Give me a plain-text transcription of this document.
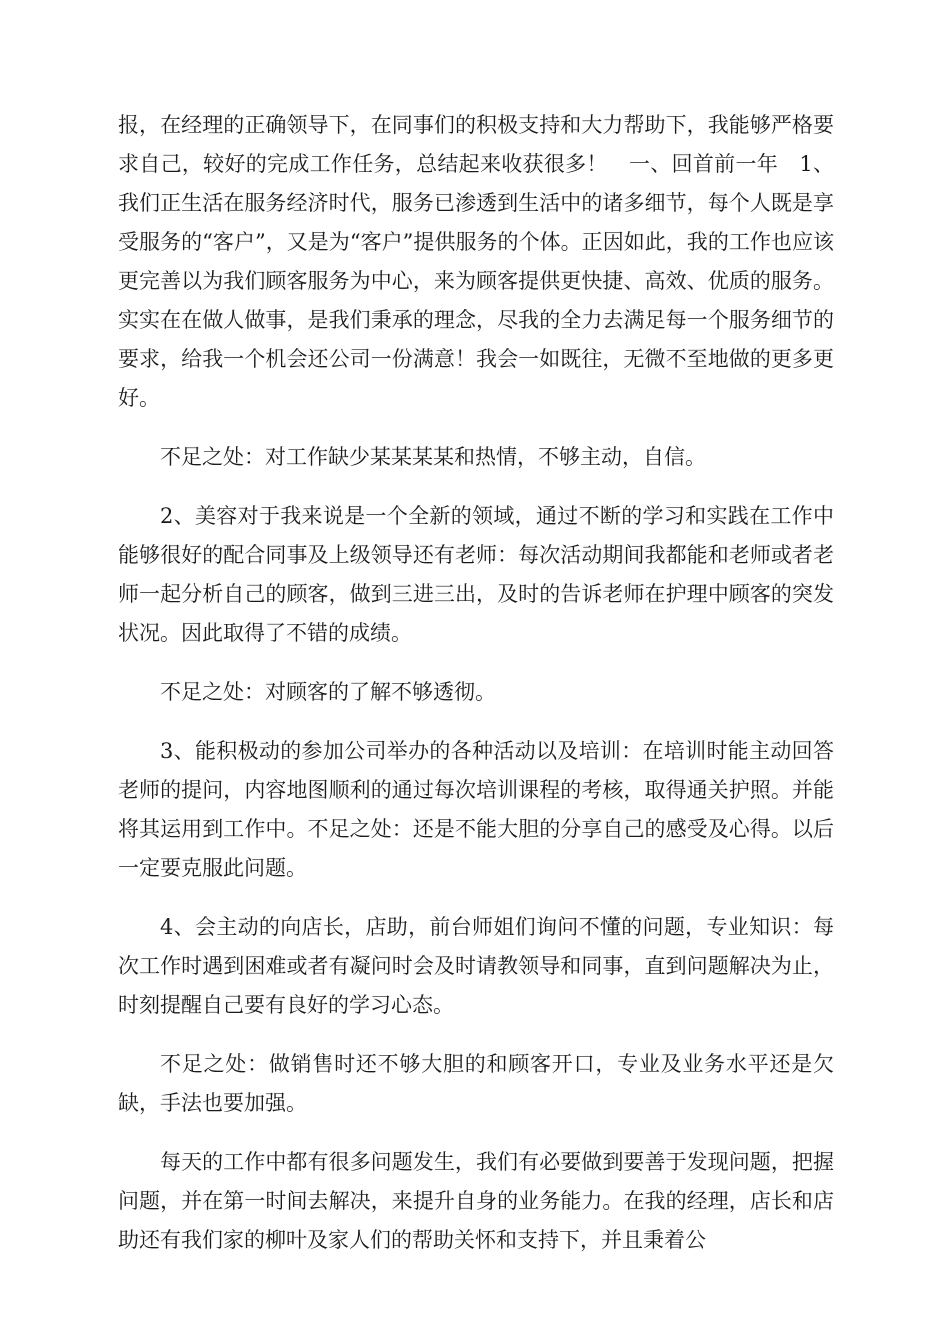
报，在经理的正确领导下，在同事们的积极支持和大力帮助下，我能够严格要求自己，较好的完成工作任务，总结起来收获很多！　一、回首前一年　1、我们正生活在服务经济时代，服务已渗透到生活中的诸多细节，每个人既是享受服务的“客户”，又是为“客户”提供服务的个体。正因如此，我的工作也应该更完善以为我们顾客服务为中心，来为顾客提供更快捷、高效、优质的服务。实实在在做人做事，是我们秉承的理念，尽我的全力去满足每一个服务细节的要求，给我一个机会还公司一份满意！我会一如既往，无微不至地做的更多更好。

不足之处：对工作缺少某某某某和热情，不够主动，自信。

2、美容对于我来说是一个全新的领域，通过不断的学习和实践在工作中能够很好的配合同事及上级领导还有老师：每次活动期间我都能和老师或者老师一起分析自己的顾客，做到三进三出，及时的告诉老师在护理中顾客的突发状况。因此取得了不错的成绩。

不足之处：对顾客的了解不够透彻。

3、能积极动的参加公司举办的各种活动以及培训：在培训时能主动回答老师的提问，内容地图顺利的通过每次培训课程的考核，取得通关护照。并能将其运用到工作中。不足之处：还是不能大胆的分享自己的感受及心得。以后一定要克服此问题。

4、会主动的向店长，店助，前台师姐们询问不懂的问题，专业知识：每次工作时遇到困难或者有凝问时会及时请教领导和同事，直到问题解决为止，时刻提醒自己要有良好的学习心态。

不足之处：做销售时还不够大胆的和顾客开口，专业及业务水平还是欠缺，手法也要加强。

每天的工作中都有很多问题发生，我们有必要做到要善于发现问题，把握问题，并在第一时间去解决，来提升自身的业务能力。在我的经理，店长和店助还有我们家的柳叶及家人们的帮助关怀和支持下，并且秉着公
